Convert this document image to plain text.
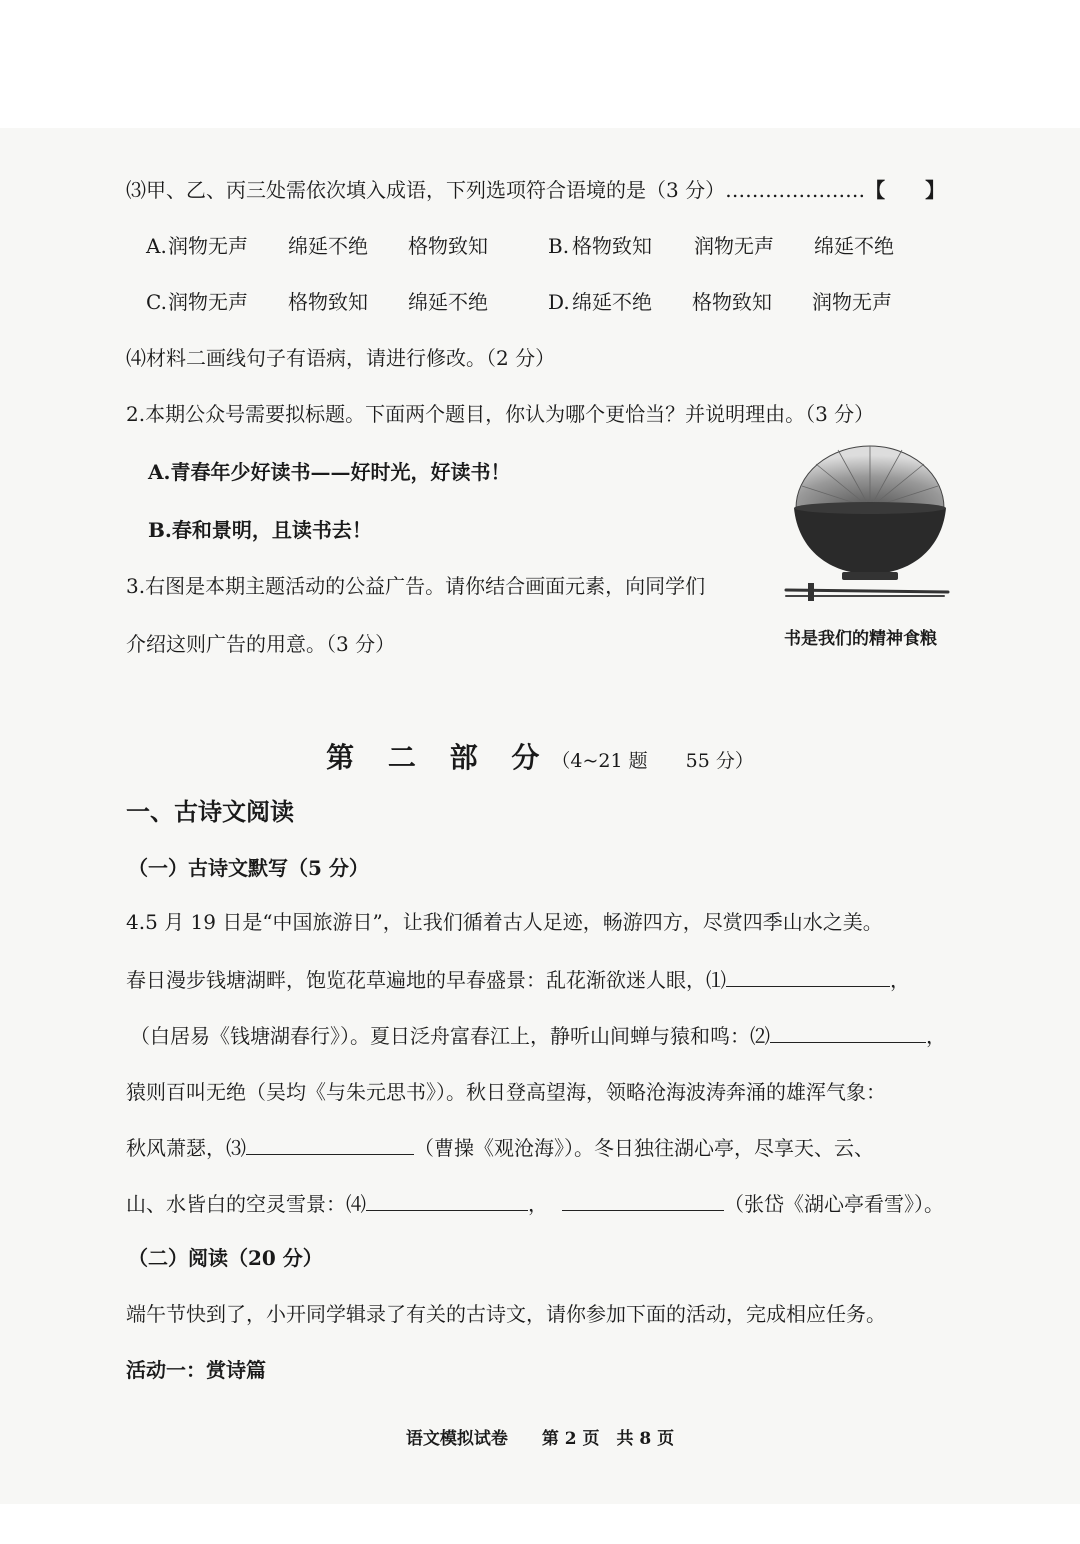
⑶甲、乙、丙三处需依次填入成语，下列选项符合语境的是（3 分）…………………【　　】
A. 润物无声 绵延不绝 格物致知	B. 格物致知 润物无声 绵延不绝
C. 润物无声 格物致知 绵延不绝	D. 绵延不绝 格物致知 润物无声
⑷材料二画线句子有语病，请进行修改。（2 分）
2.本期公众号需要拟标题。下面两个题目，你认为哪个更恰当？并说明理由。（3 分）
A.青春年少好读书——好时光，好读书！
B.春和景明，且读书去！
3.右图是本期主题活动的公益广告。请你结合画面元素，向同学们
介绍这则广告的用意。（3 分）	书是我们的精神食粮
第 二 部 分（4~21 题　　55 分）
一、古诗文阅读
（一）古诗文默写（5 分）
4.5 月 19 日是“中国旅游日”，让我们循着古人足迹，畅游四方，尽赏四季山水之美。
春日漫步钱塘湖畔，饱览花草遍地的早春盛景：乱花渐欲迷人眼，⑴	，
（白居易《钱塘湖春行》）。夏日泛舟富春江上，静听山间蝉与猿和鸣：⑵	，
猿则百叫无绝（吴均《与朱元思书》）。秋日登高望海，领略沧海波涛奔涌的雄浑气象：
秋风萧瑟，⑶	（曹操《观沧海》）。冬日独往湖心亭，尽享天、云、
山、水皆白的空灵雪景：⑷	，	（张岱《湖心亭看雪》）。
（二）阅读（20 分）
端午节快到了，小开同学辑录了有关的古诗文，请你参加下面的活动，完成相应任务。
活动一：赏诗篇
语文模拟试卷　　第 2 页　共 8 页
